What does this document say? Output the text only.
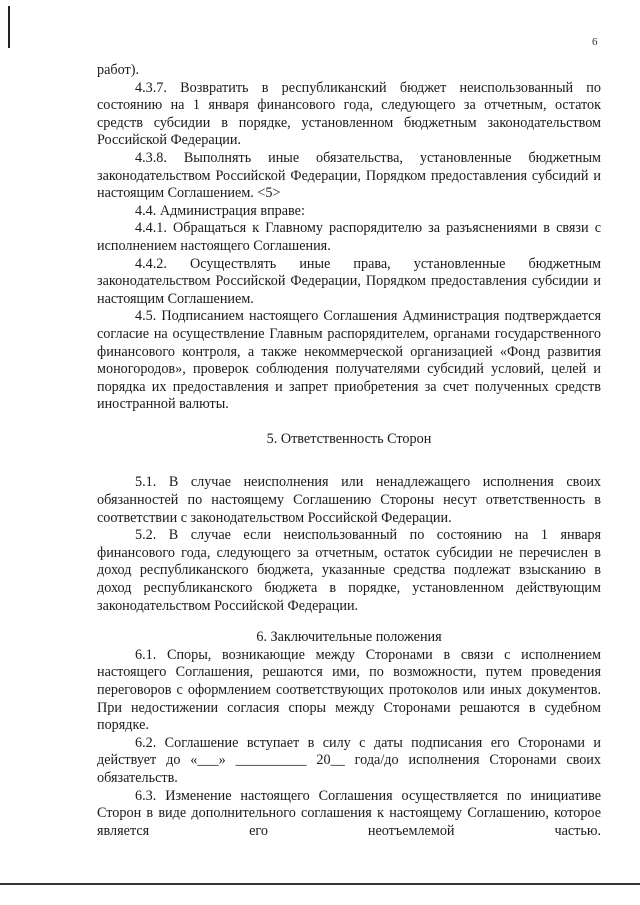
6

работ).

4.3.7. Возвратить в республиканский бюджет неиспользованный по состоянию на 1 января финансового года, следующего за отчетным, остаток средств субсидии в порядке, установленном бюджетным законодательством Российской Федерации.

4.3.8. Выполнять иные обязательства, установленные бюджетным законодательством Российской Федерации, Порядком предоставления субсидий и настоящим Соглашением. <5>

4.4. Администрация вправе:

4.4.1. Обращаться к Главному распорядителю за разъяснениями в связи с исполнением настоящего Соглашения.

4.4.2. Осуществлять иные права, установленные бюджетным законодательством Российской Федерации, Порядком предоставления субсидии и настоящим Соглашением.

4.5. Подписанием настоящего Соглашения Администрация подтверждается согласие на осуществление Главным распорядителем, органами государственного финансового контроля, а также некоммерческой организацией «Фонд развития моногородов», проверок соблюдения получателями субсидий условий, целей и порядка их предоставления и запрет приобретения за счет полученных средств иностранной валюты.

5. Ответственность Сторон

5.1. В случае неисполнения или ненадлежащего исполнения своих обязанностей по настоящему Соглашению Стороны несут ответственность в соответствии с законодательством Российской Федерации.

5.2. В случае если неиспользованный по состоянию на 1 января финансового года, следующего за отчетным, остаток субсидии не перечислен в доход республиканского бюджета, указанные средства подлежат взысканию в доход республиканского бюджета в порядке, установленном действующим законодательством Российской Федерации.

6. Заключительные положения

6.1. Споры, возникающие между Сторонами в связи с исполнением настоящего Соглашения, решаются ими, по возможности, путем проведения переговоров с оформлением соответствующих протоколов или иных документов. При недостижении согласия споры между Сторонами решаются в судебном порядке.

6.2. Соглашение вступает в силу с даты подписания его Сторонами и действует до «___» __________ 20__ года/до исполнения Сторонами своих обязательств.

6.3. Изменение настоящего Соглашения осуществляется по инициативе Сторон в виде дополнительного соглашения к настоящему Соглашению, которое является его неотъемлемой частью.
